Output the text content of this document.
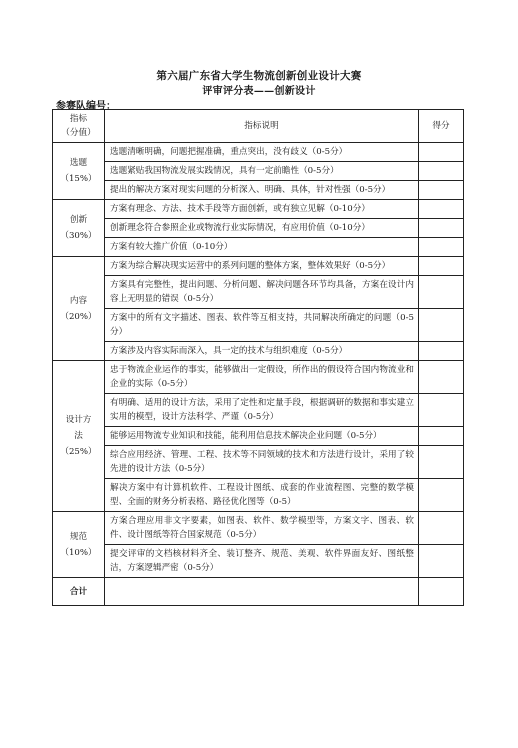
第六届广东省大学生物流创新创业设计大赛
评审评分表——创新设计
参赛队编号：
指标
（分值）	指标说明	得分
选题
（15%）	选题清晰明确，问题把握准确，重点突出，没有歧义（0-5分）	
	选题紧贴我国物流发展实践情况，具有一定前瞻性（0-5分）	
	提出的解决方案对现实问题的分析深入、明确、具体，针对性强（0-5分）	
创新
（30%）	方案有理念、方法、技术手段等方面创新，或有独立见解（0-10分）	
	创新理念符合参照企业或物流行业实际情况，有应用价值（0-10分）	
	方案有较大推广价值（0-10分）	
内容
（20%）	方案为综合解决现实运营中的系列问题的整体方案，整体效果好（0-5分）	
	方案具有完整性，提出问题、分析问题、解决问题各环节均具备，方案在设计内容上无明显的错误（0-5分）	
	方案中的所有文字描述、图表、软件等互相支持，共同解决所确定的问题（0-5分）	
	方案涉及内容实际而深入，具一定的技术与组织难度（0-5分）	
设计方
法
（25%）	忠于物流企业运作的事实，能够做出一定假设，所作出的假设符合国内物流业和企业的实际（0-5分）	
	有明确、适用的设计方法，采用了定性和定量手段，根据调研的数据和事实建立实用的模型，设计方法科学、严谨（0-5分）	
	能够运用物流专业知识和技能，能利用信息技术解决企业问题（0-5分）	
	综合应用经济、管理、工程、技术等不同领域的技术和方法进行设计，采用了较先进的设计方法（0-5分）	
	解决方案中有计算机软件、工程设计图纸、成套的作业流程图、完整的数学模型、全面的财务分析表格、路径优化图等（0-5）	
规范
（10%）	方案合理应用非文字要素，如图表、软件、数学模型等，方案文字、图表、软件、设计图纸等符合国家规范（0-5分）	
	提交评审的文档核材料齐全、装订整齐、规范、美观、软件界面友好、图纸整洁，方案逻辑严密（0-5分）	
合计		
